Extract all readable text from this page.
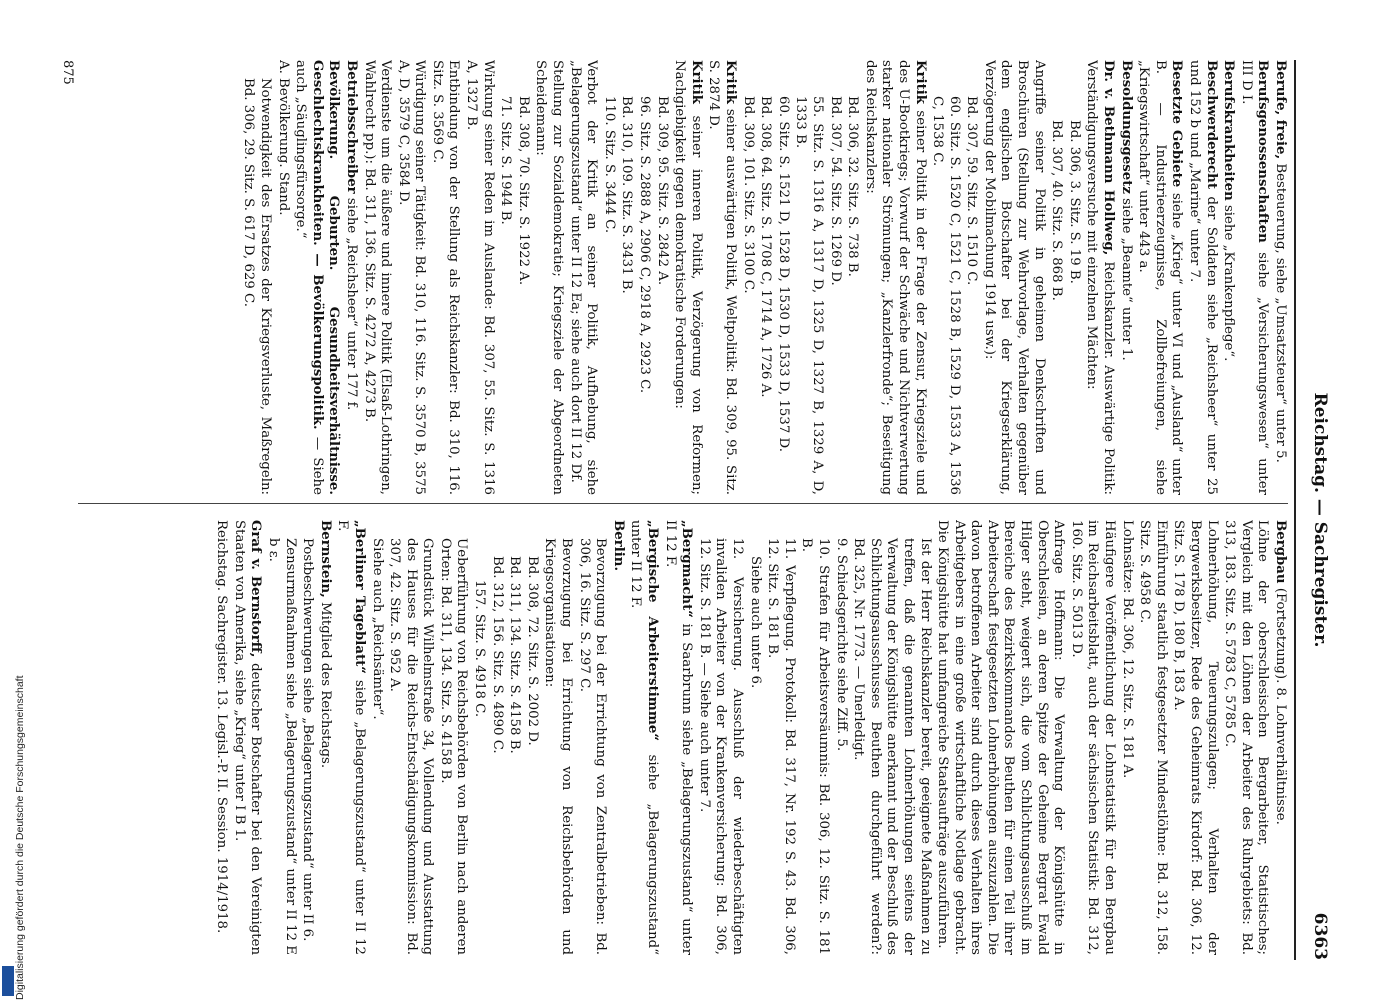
Reichstag. — Sachregister.
6363
Berufe, freie, Besteuerung, siehe „Umsatzsteuer“ unter 5.
Berufsgenossenschaften siehe „Versicherungswesen“ unter III D I.
Berufskrankheiten siehe „Krankenpflege“.
Beschwerderecht der Soldaten siehe „Reichsheer“ unter 25 und 152 b und „Marine“ unter 7.
Besetzte Gebiete siehe „Krieg“ unter VI und „Ausland“ unter B. — Industrieerzeugnisse, Zollbefreiungen, siehe „Kriegswirtschaft“ unter 443 a.
Besoldungsgesetz siehe „Beamte“ unter 1.
Dr. v. Bethmann Hollweg, Reichskanzler. Auswärtige Politik: Verständigungsversuche mit einzelnen Mächten:
Bd. 306, 3. Sitz. S. 19 B.
Bd. 307, 40. Sitz. S. 868 B.
Angriffe seiner Politik in geheimen Denkschriften und Broschüren (Stellung zur Wehrvorlage, Verhalten gegenüber dem englischen Botschafter bei der Kriegserklärung, Verzögerung der Mobilmachung 1914 usw.):
Bd. 307, 59. Sitz. S. 1510 C.
60. Sitz. S. 1520 C, 1521 C, 1528 B, 1529 D, 1533 A, 1536 C, 1538 C.
Kritik seiner Politik in der Frage der Zensur, Kriegsziele und des U-Bootkriegs; Vorwurf der Schwäche und Nichtverwertung starker nationaler Strömungen; „Kanzlerfronde“; Beseitigung des Reichskanzlers:
Bd. 306, 32. Sitz. S. 738 B.
Bd. 307, 54. Sitz. S. 1269 D.
55. Sitz. S. 1316 A, 1317 D, 1325 D, 1327 B, 1329 A, D, 1333 B.
60. Sitz. S. 1521 D, 1528 D, 1530 D, 1533 D, 1537 D.
Bd. 308, 64. Sitz. S. 1708 C, 1714 A, 1726 A.
Bd. 309, 101. Sitz. S. 3100 C.
Kritik seiner auswärtigen Politik, Weltpolitik: Bd. 309, 95. Sitz. S. 2874 D.
Kritik seiner inneren Politik, Verzögerung von Reformen; Nachgiebigkeit gegen demokratische Forderungen:
Bd. 309, 95. Sitz. S. 2842 A.
96. Sitz. S. 2888 A, 2906 C, 2918 A, 2923 C.
Bd. 310, 109. Sitz. S. 3431 B.
110. Sitz. S. 3444 C.
Verbot der Kritik an seiner Politik, Aufhebung, siehe „Belagerungszustand“ unter II 12 Ea; siehe auch dort II 12 Df.
Stellung zur Sozialdemokratie; Kriegsziele der Abgeordneten Scheidemann:
Bd. 308, 70. Sitz. S. 1922 A.
71. Sitz. S. 1944 B.
Wirkung seiner Reden im Auslande: Bd. 307, 55. Sitz. S. 1316 A, 1327 B.
Entbindung von der Stellung als Reichskanzler: Bd. 310, 116. Sitz. S. 3569 C.
Würdigung seiner Tätigkeit: Bd. 310, 116. Sitz. S. 3570 B, 3575 A, D, 3579 C, 3584 D.
Verdienste um die äußere und innere Politik (Elsaß-Lothringen, Wahlrecht pp.): Bd. 311, 136. Sitz. S. 4272 A, 4273 B.
Betriebsschreiber siehe „Reichsheer“ unter 177 f.
Bevölkerung. Geburten. Gesundheitsverhältnisse. Geschlechtskrankheiten. — Bevölkerungspolitik. — Siehe auch „Säuglingsfürsorge.“
A. Bevölkerung. Stand.
Notwendigkeit des Ersatzes der Kriegsverluste, Maßregeln: Bd. 306, 29. Sitz. S. 617 D, 629 C.
Bergbau (Fortsetzung). 8. Lohnverhältnisse.
Löhne der oberschlesischen Bergarbeiter, Statistisches; Vergleich mit den Löhnen der Arbeiter des Ruhrgebiets: Bd. 313, 183. Sitz. S. 5783 C, 5785 C.
Lohnerhöhung, Teuerungszulagen; Verhalten der Bergwerksbesitzer, Rede des Geheimrats Kirdorf: Bd. 306, 12. Sitz. S. 178 D, 180 B, 183 A.
Einführung staatlich festgesetzter Mindestlöhne: Bd. 312, 158. Sitz. S. 4958 C.
Lohnsätze: Bd. 306, 12. Sitz. S. 181 A.
Häufigere Veröffentlichung der Lohnstatistik für den Bergbau im Reichsarbeitsblatt, auch der sächsischen Statistik: Bd. 312, 160. Sitz. S. 5013 D.
Anfrage Hoffmann: Die Verwaltung der Königshütte in Oberschlesien, an deren Spitze der Geheime Bergrat Ewald Hilger steht, weigert sich, die vom Schlichtungsausschuß im Bereiche des Bezirkskommandos Beuthen für einen Teil ihrer Arbeiterschaft festgesetzten Lohnerhöhungen auszuzahlen. Die davon betroffenen Arbeiter sind durch dieses Verhalten ihres Arbeitgebers in eine große wirtschaftliche Notlage gebracht. Die Königshütte hat umfangreiche Staatsaufträge auszuführen.
Ist der Herr Reichskanzler bereit, geeignete Maßnahmen zu treffen, daß die genannten Lohnerhöhungen seitens der Verwaltung der Königshütte anerkannt und der Beschluß des Schlichtungsausschusses Beuthen durchgeführt werden?: Bd. 325, Nr. 1773. — Unerledigt.
9. Schiedsgerichte siehe Ziff. 5.
10. Strafen für Arbeitsversäumnis: Bd. 306, 12. Sitz. S. 181 B.
11. Verpflegung. Protokoll: Bd. 317, Nr. 192 S. 43. Bd. 306, 12. Sitz. S. 181 B.
Siehe auch unter 6.
12. Versicherung. Ausschluß der wiederbeschäftigten invaliden Arbeiter von der Krankenversicherung: Bd. 306, 12. Sitz. S. 181 B. — Siehe auch unter 7.
„Bergmacht“ in Saarbrunn siehe „Belagerungszustand“ unter II 12 F.
„Bergische Arbeiterstimme“ siehe „Belagerungszustand“ unter II 12 F.
Berlin.
Bevorzugung bei der Errichtung von Zentralbetrieben: Bd. 306, 16. Sitz. S. 297 C.
Bevorzugung bei Errichtung von Reichsbehörden und Kriegsorganisationen:
Bd. 308, 72. Sitz. S. 2002 D.
Bd. 311, 134. Sitz. S. 4158 B.
Bd. 312, 156. Sitz. S. 4890 C.
157. Sitz. S. 4918 C.
Ueberführung von Reichsbehörden von Berlin nach anderen Orten: Bd. 311, 134. Sitz. S. 4158 B.
Grundstück Wilhelmstraße 34, Vollendung und Ausstattung des Hauses für die Reichs-Entschädigungskommission: Bd. 307, 42. Sitz. S. 952 A.
Siehe auch „Reichsämter“.
„Berliner Tageblatt“ siehe „Belagerungszustand“ unter II 12 F.
Bernstein, Mitglied des Reichstags.
Postbeschwerungen siehe „Belagerungszustand“ unter II 6.
Zensurmaßnahmen siehe „Belagerungszustand“ unter II 12 E b ε.
Graf v. Bernstorff, deutscher Botschafter bei den Vereinigten Staaten von Amerika, siehe „Krieg“ unter I B 1.
Reichstag. Sachregister. 13. Legisl.-P. II. Session. 1914/1918.
875
Digitalisierung gefördert durch die Deutsche Forschungsgemeinschaft
